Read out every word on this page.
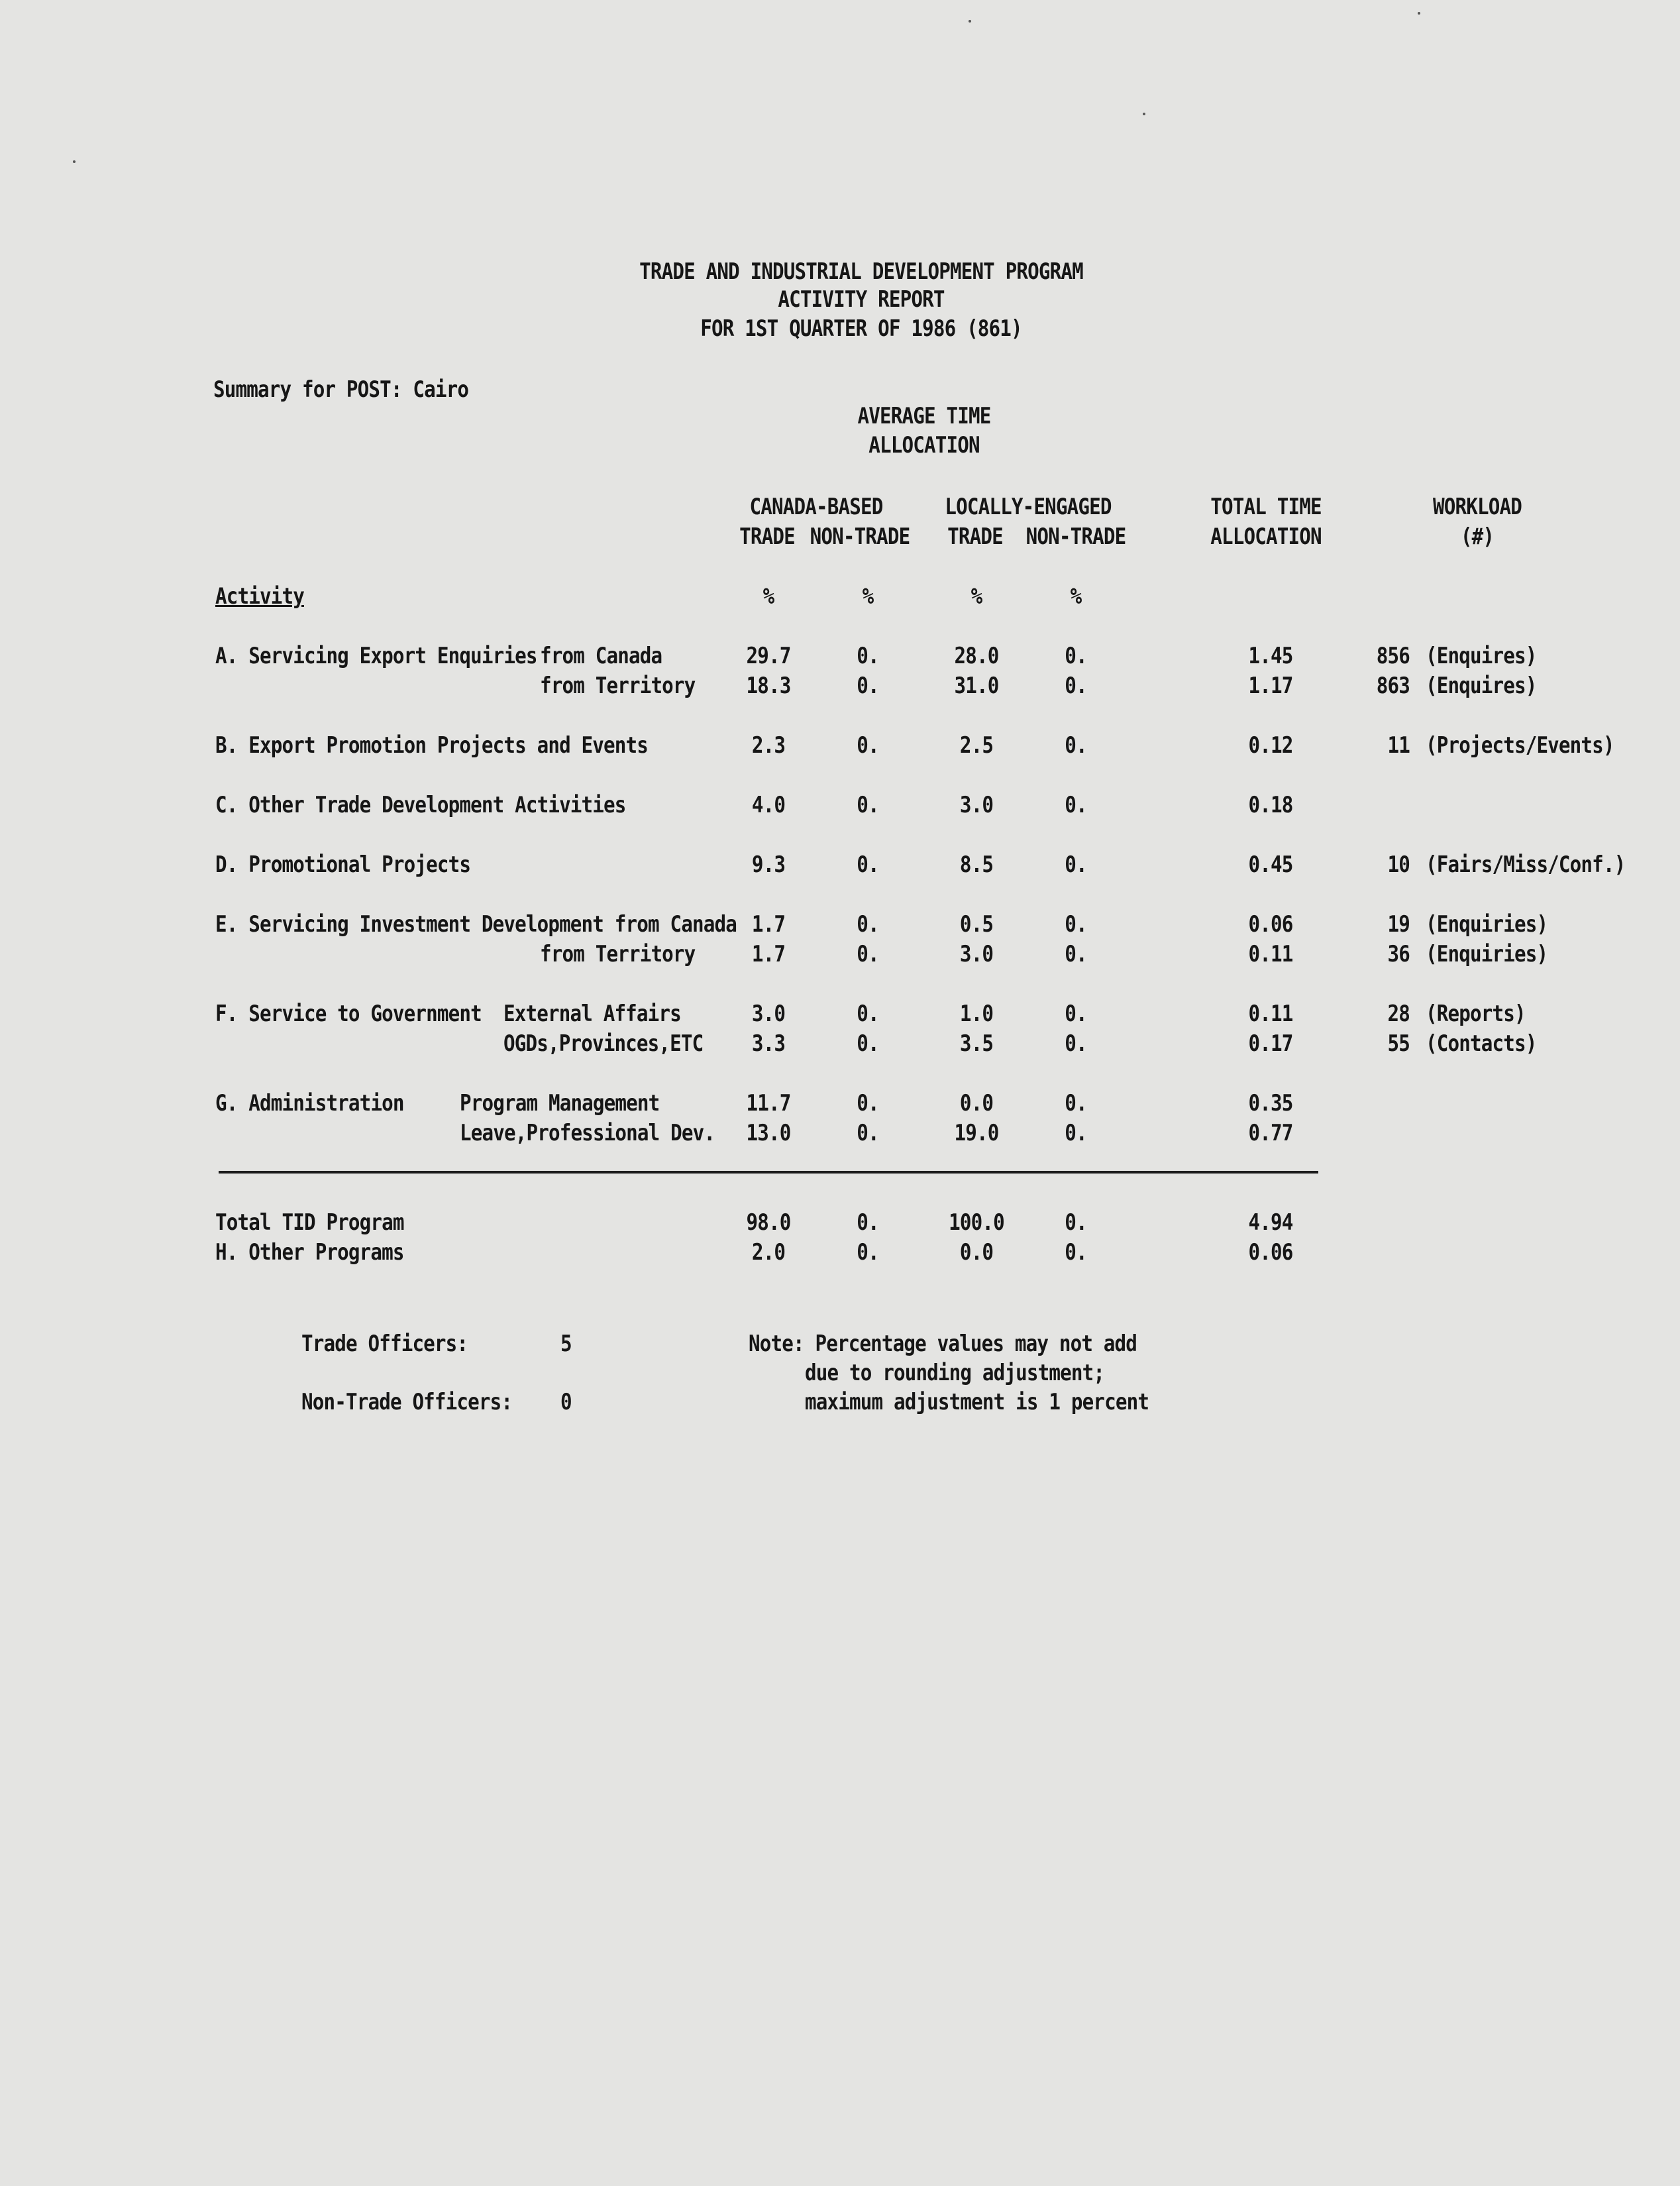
TRADE AND INDUSTRIAL DEVELOPMENT PROGRAM
ACTIVITY REPORT
FOR 1ST QUARTER OF 1986 (861)
Summary for POST: Cairo
AVERAGE TIME
ALLOCATION
CANADA-BASED	LOCALLY-ENGAGED
TRADE NON-TRADE TRADE NON-TRADE
TOTAL TIME
ALLOCATION
WORKLOAD
(#)
Activity	%	%	%	%
A. Servicing Export Enquiries from Canada	29.7	0.	28.0	0.	1.45	856 (Enquires)
from Territory 18.3	0.	31.0	0.	1.17	863 (Enquires)
B. Export Promotion Projects and Events	2.3	0.	2.5	0.	0.12	11 (Projects/Events)
C. Other Trade Development Activities	4.0	0.	3.0	0.	0.18
D. Promotional Projects	9.3	0.	8.5	0.	0.45	10 (Fairs/Miss/Conf.)
E. Servicing Investment Development from Canada 1.7	0.	0.5	0.	0.06	19 (Enquiries)
from Territory	1.7	0.	3.0	0.	0.11	36 (Enquiries)
F. Service to Government External Affairs	3.0	0.	1.0	0.	0.11	28 (Reports)
OGDs,Provinces,ETC 3.3	0.	3.5	0.	0.17	55 (Contacts)
G. Administration Program Management	11.7	0.	0.0	0.	0.35
Leave,Professional Dev. 13.0	0.	19.0	0.	0.77
Total TID Program	98.0	0.	100.0	0.	4.94
H. Other Programs	2.0	0.	0.0	0.	0.06
Trade Officers:	5
Non-Trade Officers: 0
Note: Percentage values may not add
due to rounding adjustment;
maximum adjustment is 1 percent
